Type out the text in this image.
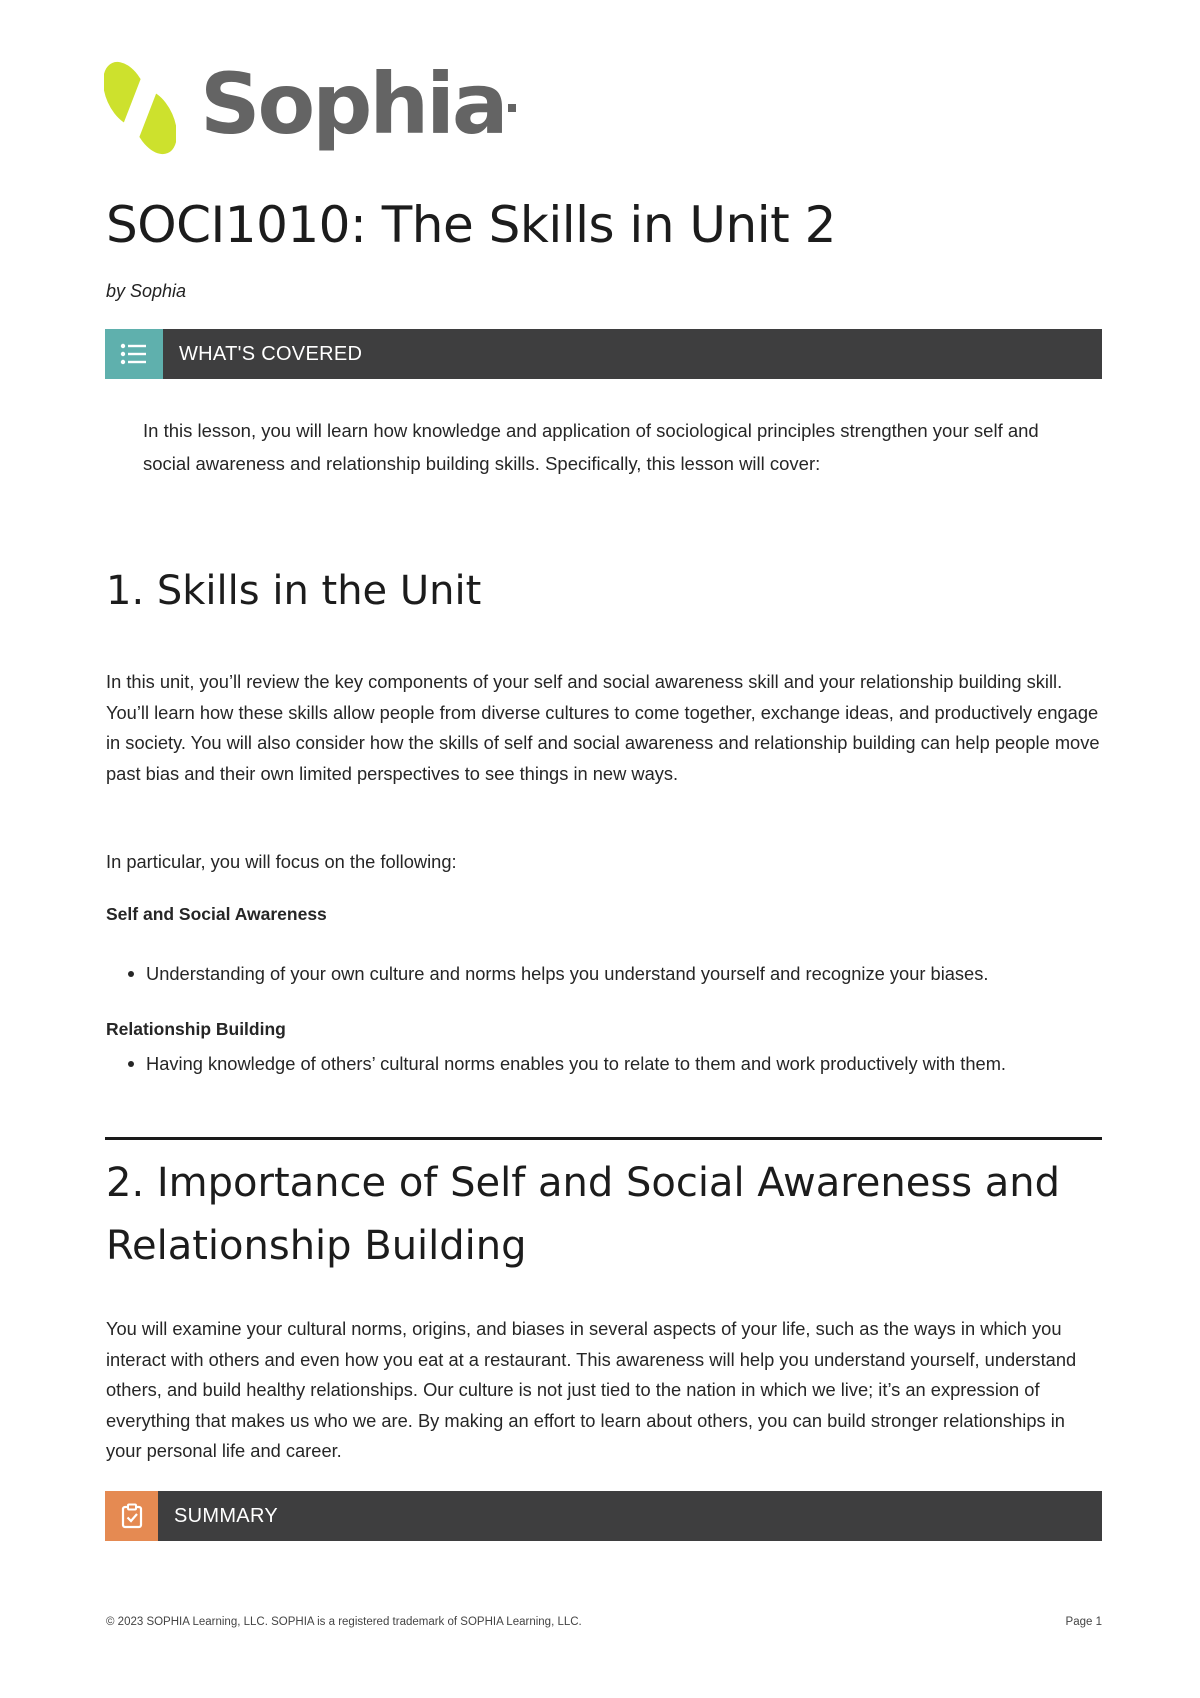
Sophia
SOCI1010: The Skills in Unit 2
by Sophia
WHAT'S COVERED

In this lesson, you will learn how knowledge and application of sociological principles strengthen your self and social awareness and relationship building skills. Specifically, this lesson will cover:

1. Skills in the Unit

In this unit, you’ll review the key components of your self and social awareness skill and your relationship building skill. You’ll learn how these skills allow people from diverse cultures to come together, exchange ideas, and productively engage in society. You will also consider how the skills of self and social awareness and relationship building can help people move past bias and their own limited perspectives to see things in new ways.

In particular, you will focus on the following:

Self and Social Awareness
Understanding of your own culture and norms helps you understand yourself and recognize your biases.
Relationship Building
Having knowledge of others’ cultural norms enables you to relate to them and work productively with them.
2. Importance of Self and Social Awareness and Relationship Building

You will examine your cultural norms, origins, and biases in several aspects of your life, such as the ways in which you interact with others and even how you eat at a restaurant. This awareness will help you understand yourself, understand others, and build healthy relationships. Our culture is not just tied to the nation in which we live; it’s an expression of everything that makes us who we are. By making an effort to learn about others, you can build stronger relationships in your personal life and career.

SUMMARY
© 2023 SOPHIA Learning, LLC. SOPHIA is a registered trademark of SOPHIA Learning, LLC.	Page 1
